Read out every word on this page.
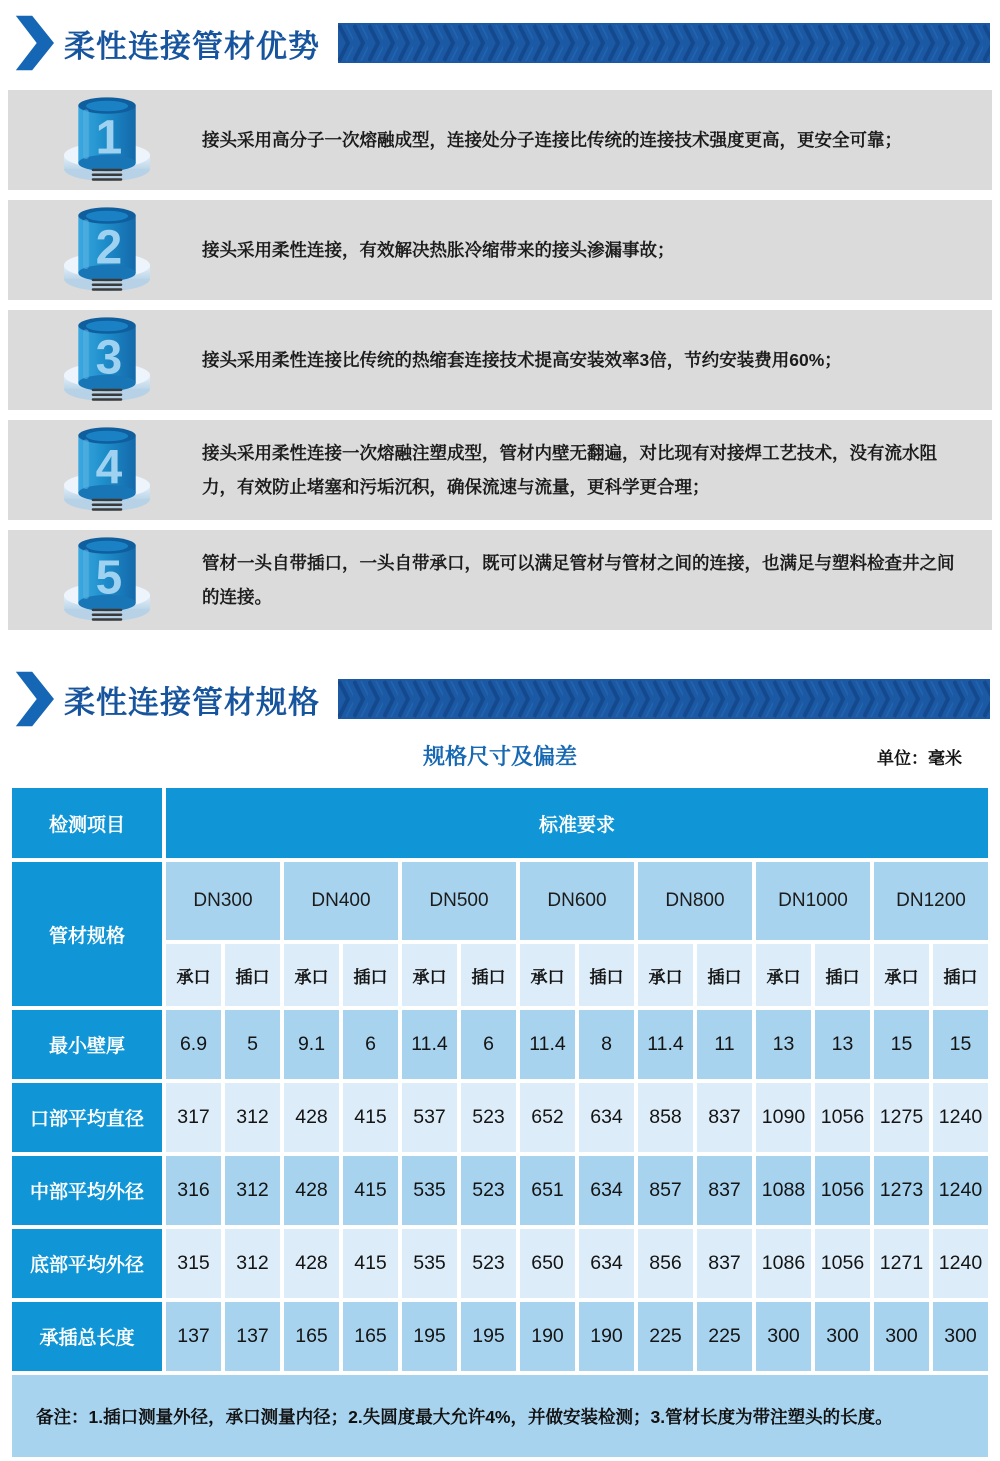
柔性连接管材优势
1	接头采用高分子一次熔融成型，连接处分子连接比传统的连接技术强度更高，更安全可靠；

2	接头采用柔性连接，有效解决热胀冷缩带来的接头渗漏事故；

3	接头采用柔性连接比传统的热缩套连接技术提高安装效率3倍，节约安装费用60%；

4	接头采用柔性连接一次熔融注塑成型，管材内壁无翻遍，对比现有对接焊工艺技术，没有流水阻力，有效防止堵塞和污垢沉积，确保流速与流量，更科学更合理；

5	管材一头自带插口，一头自带承口，既可以满足管材与管材之间的连接，也满足与塑料检查井之间的连接。

柔性连接管材规格
规格尺寸及偏差	单位：毫米
检测项目	标准要求													
管材规格	DN300		DN400		DN500		DN600		DN800		DN1000		DN1200	
	承口	插口	承口	插口	承口	插口	承口	插口	承口	插口	承口	插口	承口	插口
最小壁厚	6.9	5	9.1	6	11.4	6	11.4	8	11.4	11	13	13	15	15
口部平均直径	317	312	428	415	537	523	652	634	858	837	1090	1056	1275	1240
中部平均外径	316	312	428	415	535	523	651	634	857	837	1088	1056	1273	1240
底部平均外径	315	312	428	415	535	523	650	634	856	837	1086	1056	1271	1240
承插总长度	137	137	165	165	195	195	190	190	225	225	300	300	300	300
备注：1.插口测量外径，承口测量内径；2.失圆度最大允许4%，并做安装检测；3.管材长度为带注塑头的长度。														
